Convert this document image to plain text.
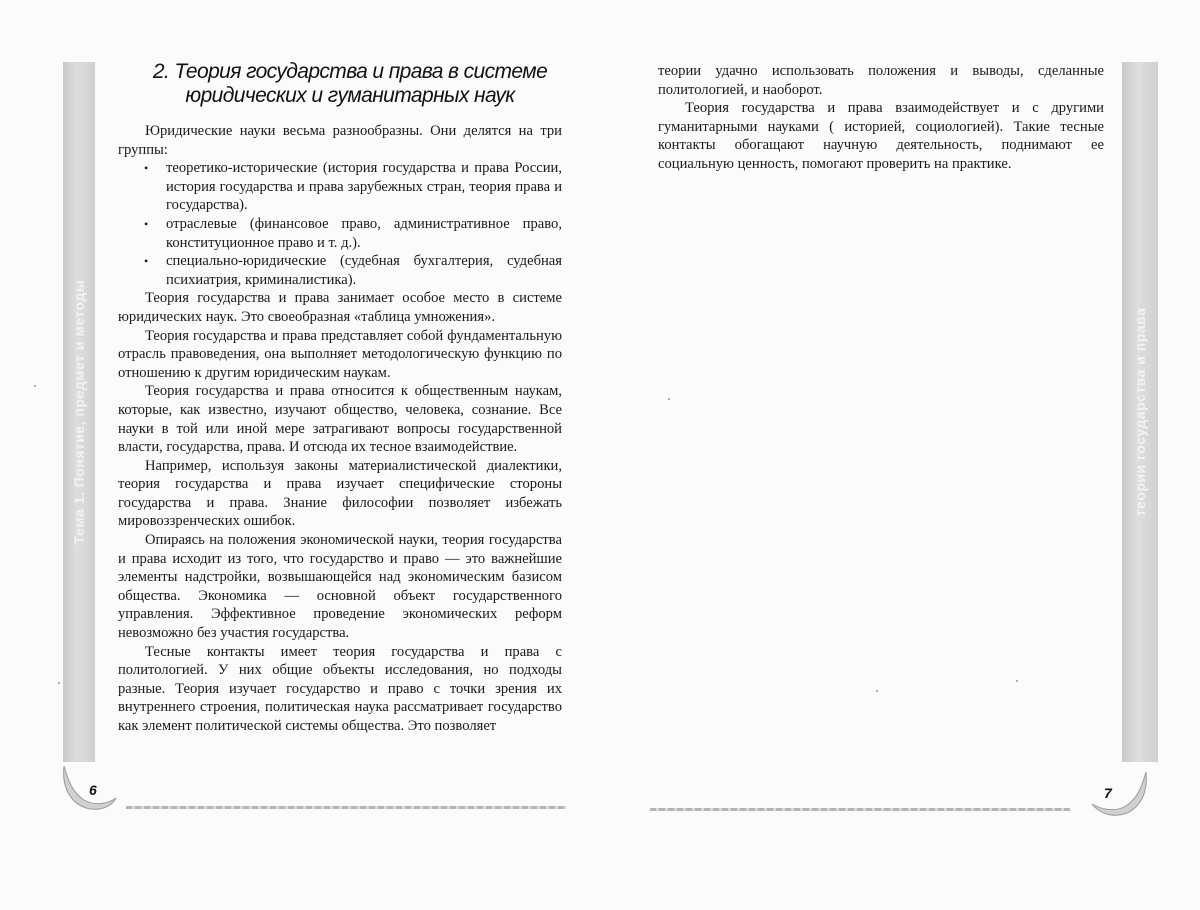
Тема 1. Понятие, предмет и методы
2. Теория государства и права в системе
юридических и гуманитарных наук

Юридические науки весьма разнообразны. Они делятся на три группы:

• теоретико-исторические (история государства и права России, история государства и права зарубежных стран, теория права и государства).
• отраслевые (финансовое право, административное право, конституционное право и т. д.).
• специально-юридические (судебная бухгалтерия, судебная психиатрия, криминалистика).

Теория государства и права занимает особое место в системе юридических наук. Это своеобразная «таблица умножения».

Теория государства и права представляет собой фундаментальную отрасль правоведения, она выполняет методологическую функцию по отношению к другим юридическим наукам.

Теория государства и права относится к общественным наукам, которые, как известно, изучают общество, человека, сознание. Все науки в той или иной мере затрагивают вопросы государственной власти, государства, права. И отсюда их тесное взаимодействие.

Например, используя законы материалистической диалектики, теория государства и права изучает специфические стороны государства и права. Знание философии позволяет избежать мировоззренческих ошибок.

Опираясь на положения экономической науки, теория государства и права исходит из того, что государство и право — это важнейшие элементы надстройки, возвышающейся над экономическим базисом общества. Экономика — основной объект государственного управления. Эффективное проведение экономических реформ невозможно без участия государства.

Тесные контакты имеет теория государства и права с политологией. У них общие объекты исследования, но подходы разные. Теория изучает государство и право с точки зрения их внутреннего строения, политическая наука рассматривает государство как элемент политической системы общества. Это позволяет

6

теории удачно использовать положения и выводы, сделанные политологией, и наоборот.

Теория государства и права взаимодействует и с другими гуманитарными науками ( историей, социологией). Такие тесные контакты обогащают научную деятельность, поднимают ее социальную ценность, помогают проверить на практике.

теории государства и права
7
